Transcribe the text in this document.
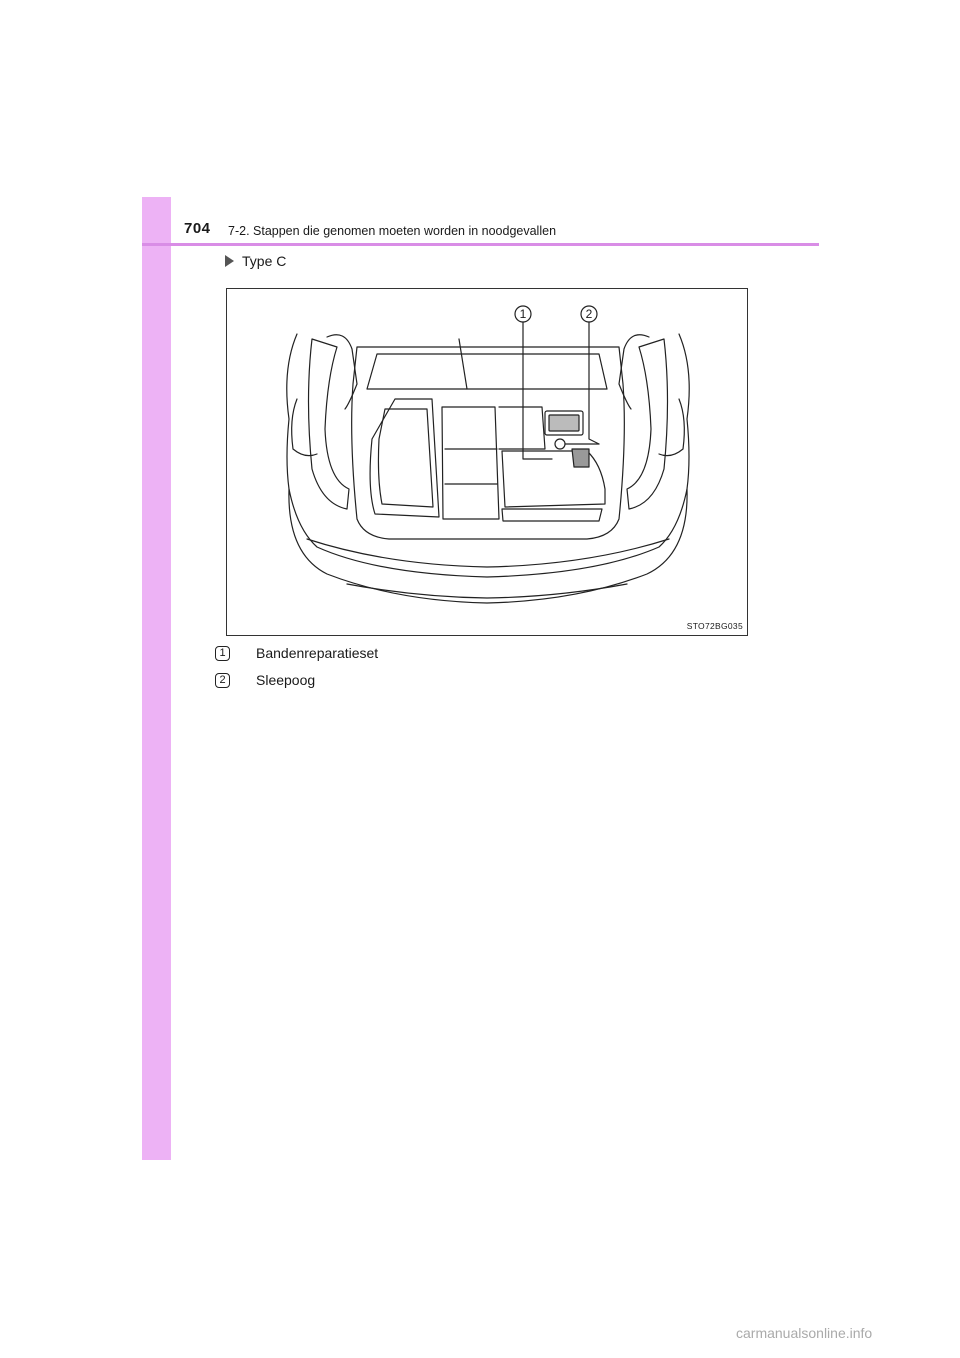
704 7-2. Stappen die genomen moeten worden in noodgevallen
Type C
1	2
STO72BG035
1	Bandenreparatieset
2	Sleepoog
carmanualsonline.info
